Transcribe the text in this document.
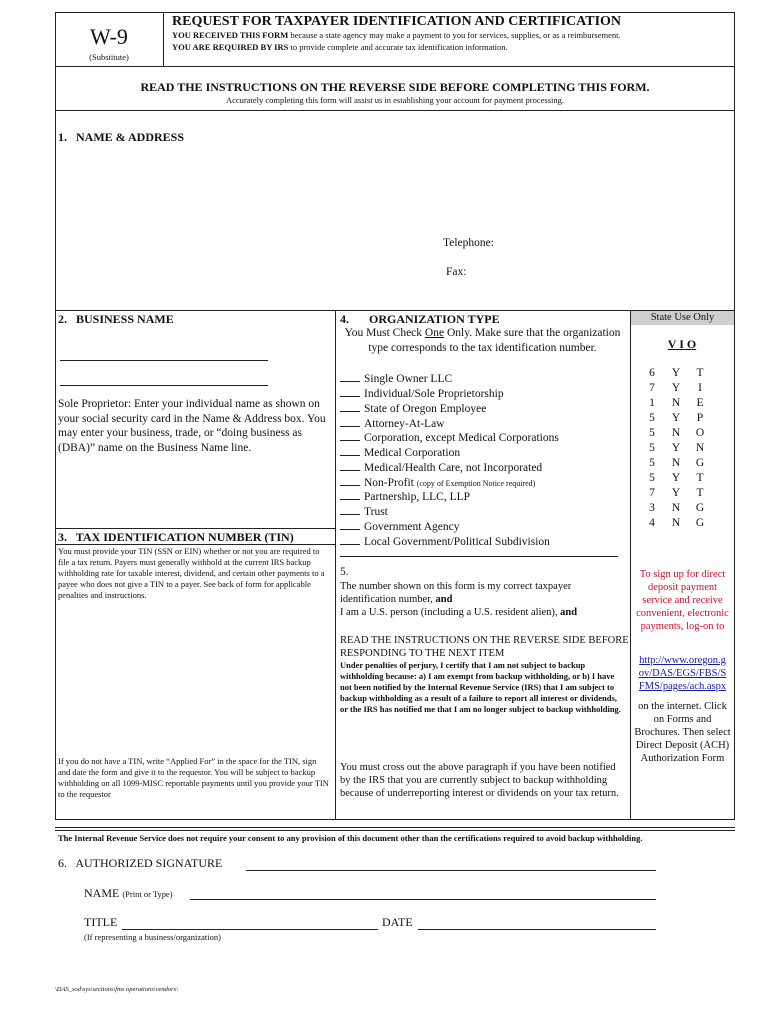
W-9
(Substitute)
REQUEST FOR TAXPAYER IDENTIFICATION AND CERTIFICATION
YOU RECEIVED THIS FORM because a state agency may make a payment to you for services, supplies, or as a reimbursement.
YOU ARE REQUIRED BY IRS to provide complete and accurate tax identification information.
READ THE INSTRUCTIONS ON THE REVERSE SIDE BEFORE COMPLETING THIS FORM.
Accurately completing this form will assist us in establishing your account for payment processing.
1.   NAME & ADDRESS
Telephone:
Fax:
2.   BUSINESS NAME
Sole Proprietor: Enter your individual name as shown on your social security card in the Name & Address box. You may enter your business, trade, or “doing business as (DBA)” name on the Business Name line.
3.   TAX IDENTIFICATION NUMBER (TIN)
You must provide your TIN (SSN or EIN) whether or not you are required to file a tax return. Payers must generally withhold at the current IRS backup withholding rate for taxable interest, dividend, and certain other payments to a payee who does not give a TIN to a payer. See back of form for applicable penalties and instructions.
If you do not have a TIN, write “Applied For” in the space for the TIN, sign and date the form and give it to the requestor. You will be subject to backup withholding on all 1099-MISC reportable payments until you provide your TIN to the requestor
4. ORGANIZATION TYPE
You Must Check One Only. Make sure that the organization type corresponds to the tax identification number.
Single Owner LLC
Individual/Sole Proprietorship
State of Oregon Employee
Attorney-At-Law
Corporation, except Medical Corporations
Medical Corporation
Medical/Health Care, not Incorporated
Non-Profit (copy of Exemption Notice required)
Partnership, LLC, LLP
Trust
Government Agency
Local Government/Political Subdivision
5.
The number shown on this form is my correct taxpayer identification number, and
I am a U.S. person (including a U.S. resident alien), and
READ THE INSTRUCTIONS ON THE REVERSE SIDE BEFORE RESPONDING TO THE NEXT ITEM
Under penalties of perjury, I certify that I am not subject to backup withholding because: a) I am exempt from backup withholding, or b) I have not been notified by the Internal Revenue Service (IRS) that I am subject to backup withholding as a result of a failure to report all interest or dividends, or the IRS has notified me that I am no longer subject to backup withholding.
You must cross out the above paragraph if you have been notified by the IRS that you are currently subject to backup withholding because of underreporting interest or dividends on your tax return.
State Use Only
V I O
6 Y T
7 Y I
1 N E
5 Y P
5 N O
5 Y N
5 N G
5 Y T
7 Y T
3 N G
4 N G
To sign up for direct deposit payment service and receive convenient, electronic payments, log-on to
http://www.oregon.g
ov/DAS/EGS/FBS/S
FMS/pages/ach.aspx
on the internet. Click on Forms and Brochures. Then select Direct Deposit (ACH) Authorization Form
The Internal Revenue Service does not require your consent to any provision of this document other than the certifications required to avoid backup withholding.
6.   AUTHORIZED SIGNATURE
NAME (Print or Type)
TITLE	DATE
(If representing a business/organization)
\DAS_sod\sys\sections\fms operations\vendors\
